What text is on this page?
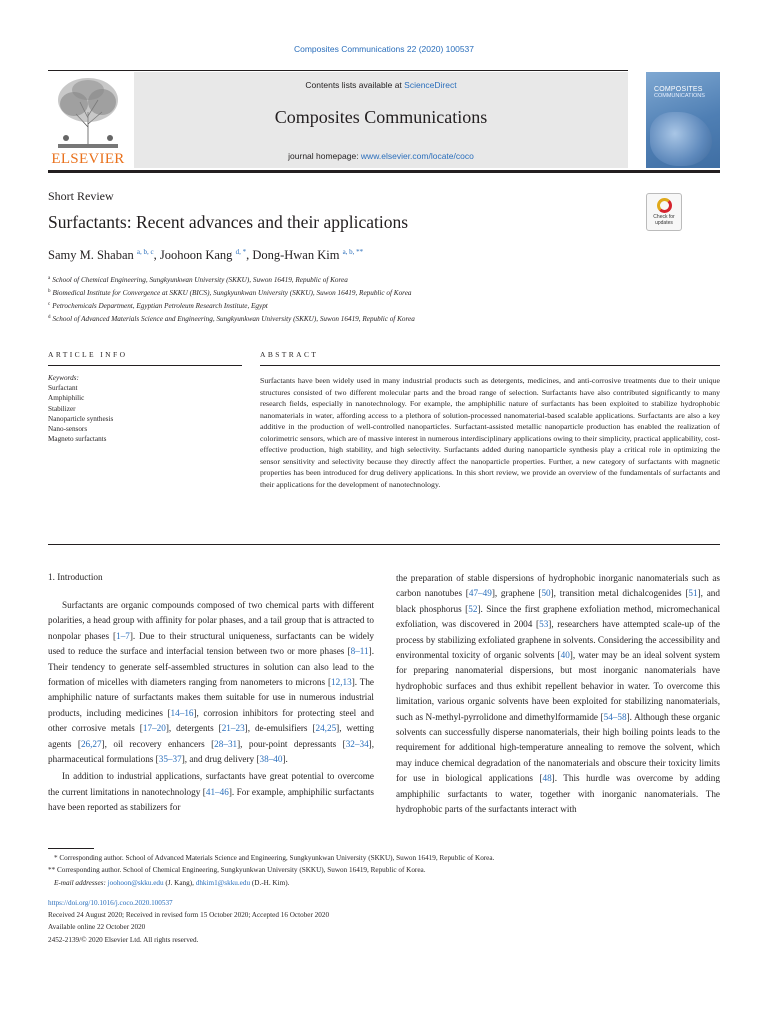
Composites Communications 22 (2020) 100537
ELSEVIER
Contents lists available at ScienceDirect
Composites Communications
journal homepage: www.elsevier.com/locate/coco
COMPOSITES
COMMUNICATIONS
Short Review
Surfactants: Recent advances and their applications	Check for updates
Samy M. Shaban $^{a, b, c}$, Joohoon Kang $^{d, *}$, Dong-Hwan Kim $^{a, b, **}$
$^a$ School of Chemical Engineering, Sungkyunkwan University (SKKU), Suwon 16419, Republic of Korea
$^b$ Biomedical Institute for Convergence at SKKU (BICS), Sungkyunkwan University (SKKU), Suwon 16419, Republic of Korea
$^c$ Petrochemicals Department, Egyptian Petroleum Research Institute, Egypt
$^d$ School of Advanced Materials Science and Engineering, Sungkyunkwan University (SKKU), Suwon 16419, Republic of Korea
ARTICLE INFO	ABSTRACT
Keywords:
Surfactant
Amphiphilic
Stabilizer
Nanoparticle synthesis
Nano-sensors
Magneto surfactants
Surfactants have been widely used in many industrial products such as detergents, medicines, and anti-corrosive treatments due to their unique structures consisted of two different molecular parts and the broad range of selection. Surfactants have also contributed significantly to many research fields, especially in nanotechnology. For example, the amphiphilic nature of surfactants has been exploited to stabilize hydrophobic nanomaterials in water, affording access to a plethora of solution-processed nanomaterial-based scalable applications. Surfactants are also a key additive in the production of well-controlled nanoparticles. Surfactant-assisted metallic nanoparticle production has enabled the realization of colorimetric sensors, which are of massive interest in numerous interdisciplinary applications owing to their simplicity, practical applicability, cost-effective production, high stability, and high selectivity. Surfactants added during nanoparticle synthesis play a critical role in optimizing the sensor sensitivity and selectivity because they directly affect the nanoparticle properties. Further, a new category of surfactants with magnetic properties has been introduced for drug delivery applications. In this short review, we provide an overview of the fundamentals of surfactants and their applications for the development of nanotechnology.
1. Introduction

Surfactants are organic compounds composed of two chemical parts with different polarities, a head group with affinity for polar phases, and a tail group that is attracted to nonpolar phases [1–7]. Due to their structural uniqueness, surfactants can be widely used to reduce the surface and interfacial tension between two or more phases [8–11]. Their tendency to generate self-assembled structures in solution can also lead to the formation of micelles with diameters ranging from nanometers to microns [12,13]. The amphiphilic nature of surfactants makes them suitable for use in numerous industrial products, including medicines [14–16], corrosion inhibitors for protecting steel and other corrosive metals [17–20], detergents [21–23], de-emulsifiers [24,25], wetting agents [26,27], oil recovery enhancers [28–31], pour-point depressants [32–34], pharmaceutical formulations [35–37], and drug delivery [38–40].

In addition to industrial applications, surfactants have great potential to overcome the current limitations in nanotechnology [41–46]. For example, amphiphilic surfactants have been reported as stabilizers for

the preparation of stable dispersions of hydrophobic inorganic nanomaterials such as carbon nanotubes [47–49], graphene [50], transition metal dichalcogenides [51], and black phosphorus [52]. Since the first graphene exfoliation method, micromechanical exfoliation, was discovered in 2004 [53], researchers have attempted scale-up of the process by stabilizing exfoliated graphene in solvents. Considering the accessibility and environmental toxicity of organic solvents [40], water may be an ideal solvent system for preparing nanomaterial dispersions, but most inorganic nanomaterials have hydrophobic surfaces and thus exhibit repellent behavior in water. To overcome this limitation, various organic solvents have been exploited for stabilizing nanomaterials, such as N-methyl-pyrrolidone and dimethylformamide [54–58]. Although these organic solvents can successfully disperse nanomaterials, their high boiling points leads to the requirement for additional high-temperature annealing to remove the solvent, which may induce chemical degradation of the nanomaterials and obscure their toxicity limits for use in biological applications [48]. This hurdle was overcome by adding amphiphilic surfactants to water, together with inorganic nanomaterials. The hydrophobic parts of the surfactants interact with

* Corresponding author. School of Advanced Materials Science and Engineering, Sungkyunkwan University (SKKU), Suwon 16419, Republic of Korea.
** Corresponding author. School of Chemical Engineering, Sungkyunkwan University (SKKU), Suwon 16419, Republic of Korea.
E-mail addresses: joohoon@skku.edu (J. Kang), dhkim1@skku.edu (D.-H. Kim).
https://doi.org/10.1016/j.coco.2020.100537
Received 24 August 2020; Received in revised form 15 October 2020; Accepted 16 October 2020
Available online 22 October 2020
2452-2139/© 2020 Elsevier Ltd. All rights reserved.
